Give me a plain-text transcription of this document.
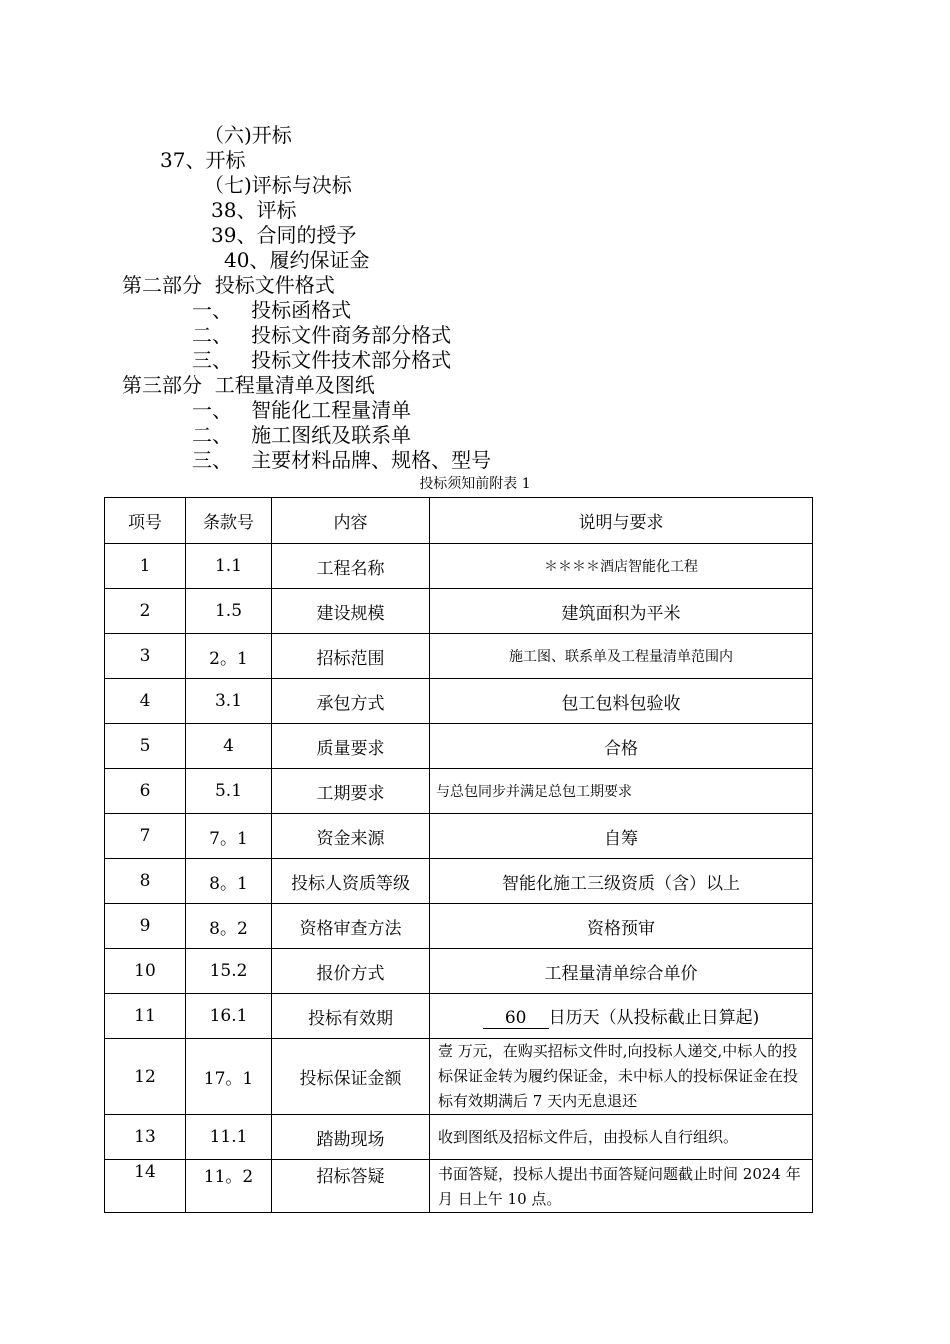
（六)开标
37、开标
（七)评标与决标
38、评标
39、合同的授予
40、履约保证金
第二部分  投标文件格式
一、   投标函格式
二、   投标文件商务部分格式
三、   投标文件技术部分格式
第三部分  工程量清单及图纸
一、   智能化工程量清单
二、   施工图纸及联系单
三、   主要材料品牌、规格、型号
投标须知前附表 1
项号	条款号	内容	说明与要求
1	1.1	工程名称	＊＊＊＊酒店智能化工程
2	1.5	建设规模	建筑面积为平米
3	2。1	招标范围	施工图、联系单及工程量清单范围内
4	3.1	承包方式	包工包料包验收
5	4	质量要求	合格
6	5.1	工期要求	与总包同步并满足总包工期要求
7	7。1	资金来源	自筹
8	8。1	投标人资质等级	智能化施工三级资质（含）以上
9	8。2	资格审查方法	资格预审
10	15.2	报价方式	工程量清单综合单价
11	16.1	投标有效期	60 日历天（从投标截止日算起)
12	17。1	投标保证金额	壹 万元，在购买招标文件时,向投标人递交,中标人的投标保证金转为履约保证金，未中标人的投标保证金在投标有效期满后 7 天内无息退还
13	11.1	踏勘现场	收到图纸及招标文件后，由投标人自行组织。
14	11。2	招标答疑	书面答疑，投标人提出书面答疑问题截止时间 2024 年 月 日上午 10 点。
